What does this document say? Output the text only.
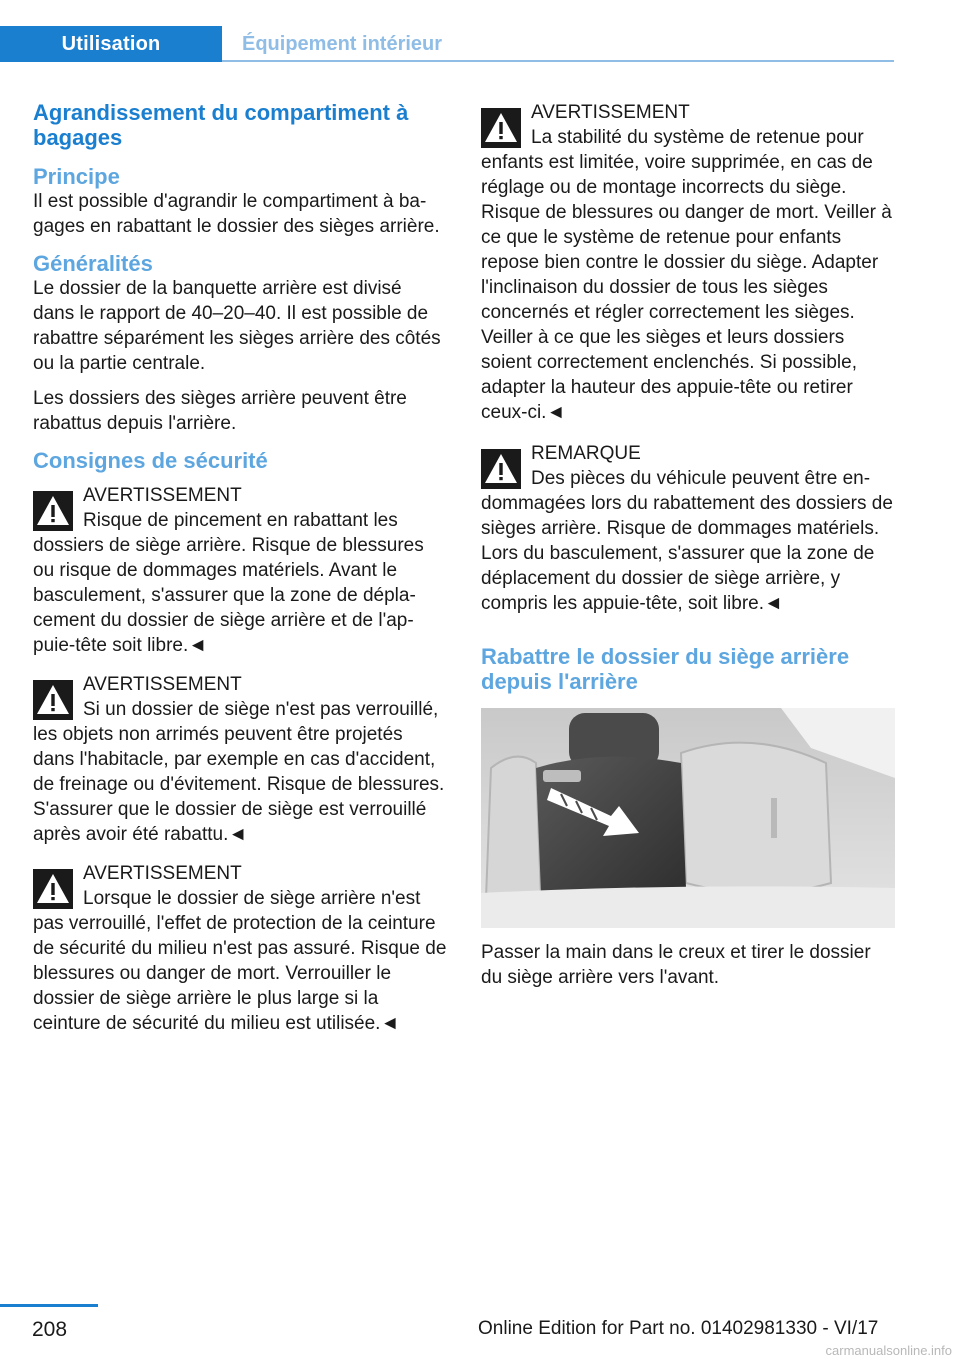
Utilisation	Équipement intérieur
Agrandissement du compartiment à bagages
Principe

Il est possible d'agrandir le compartiment à bagages en rabattant le dossier des sièges arrière.

Généralités

Le dossier de la banquette arrière est divisé dans le rapport de 40–20–40. Il est possible de rabattre séparément les sièges arrière des côtés ou la partie centrale.

Les dossiers des sièges arrière peuvent être rabattus depuis l'arrière.

Consignes de sécurité
AVERTISSEMENT
Risque de pincement en rabattant les dossiers de siège arrière. Risque de blessures ou risque de dommages matériels. Avant le basculement, s'assurer que la zone de déplacement du dossier de siège arrière et de l'appuie-tête soit libre.◄
AVERTISSEMENT
Si un dossier de siège n'est pas verrouillé, les objets non arrimés peuvent être projetés dans l'habitacle, par exemple en cas d'accident, de freinage ou d'évitement. Risque de blessures. S'assurer que le dossier de siège est verrouillé après avoir été rabattu.◄
AVERTISSEMENT
Lorsque le dossier de siège arrière n'est pas verrouillé, l'effet de protection de la ceinture de sécurité du milieu n'est pas assuré. Risque de blessures ou danger de mort. Verrouiller le dossier de siège arrière le plus large si la ceinture de sécurité du milieu est utilisée.◄
AVERTISSEMENT
La stabilité du système de retenue pour enfants est limitée, voire supprimée, en cas de réglage ou de montage incorrects du siège. Risque de blessures ou danger de mort. Veiller à ce que le système de retenue pour enfants repose bien contre le dossier du siège. Adapter l'inclinaison du dossier de tous les sièges concernés et régler correctement les sièges. Veiller à ce que les sièges et leurs dossiers soient correctement enclenchés. Si possible, adapter la hauteur des appuie-tête ou retirer ceux-ci.◄
REMARQUE
Des pièces du véhicule peuvent être endommagées lors du rabattement des dossiers de sièges arrière. Risque de dommages matériels. Lors du basculement, s'assurer que la zone de déplacement du dossier de siège arrière, y compris les appuie-tête, soit libre.◄
Rabattre le dossier du siège arrière depuis l'arrière

Passer la main dans le creux et tirer le dossier du siège arrière vers l'avant.

208	Online Edition for Part no. 01402981330 - VI/17
carmanualsonline.info
